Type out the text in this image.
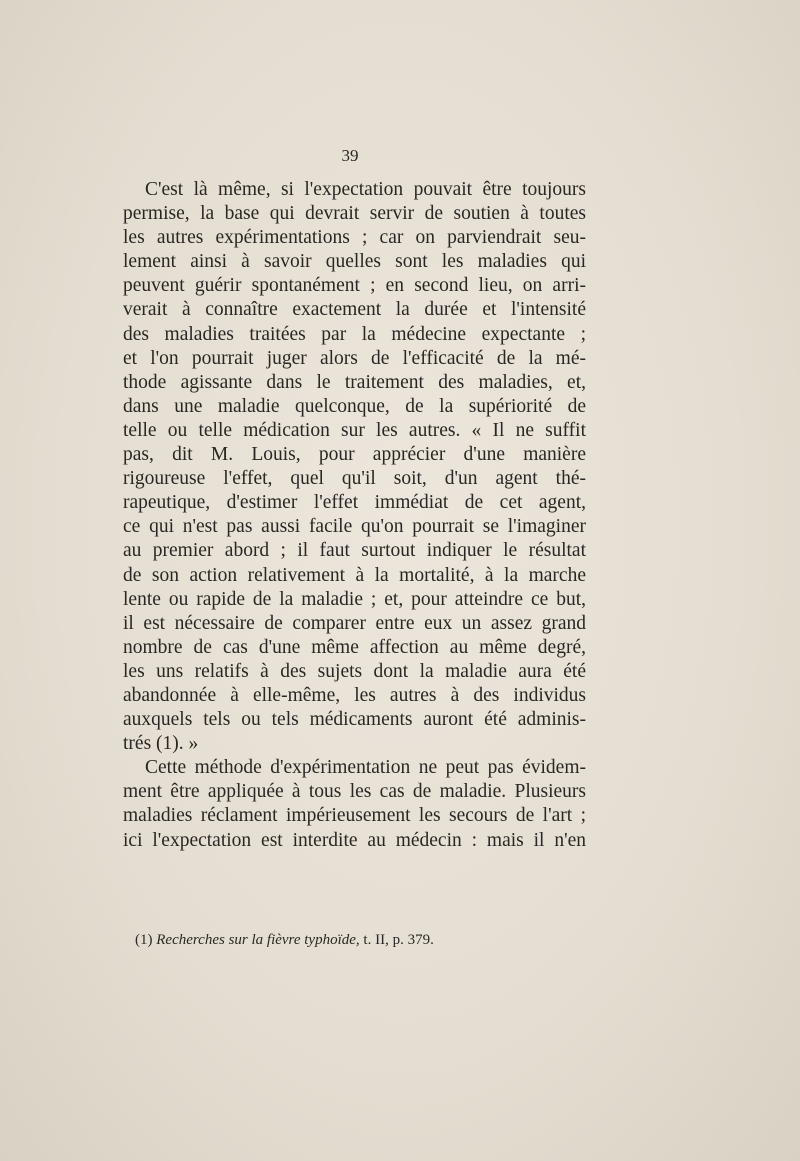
39
C'est là même, si l'expectation pouvait être toujours
permise, la base qui devrait servir de soutien à toutes
les autres expérimentations ; car on parviendrait seu-
lement ainsi à savoir quelles sont les maladies qui
peuvent guérir spontanément ; en second lieu, on arri-
verait à connaître exactement la durée et l'intensité
des maladies traitées par la médecine expectante ;
et l'on pourrait juger alors de l'efficacité de la mé-
thode agissante dans le traitement des maladies, et,
dans une maladie quelconque, de la supériorité de
telle ou telle médication sur les autres. « Il ne suffit
pas, dit M. Louis, pour apprécier d'une manière
rigoureuse l'effet, quel qu'il soit, d'un agent thé-
rapeutique, d'estimer l'effet immédiat de cet agent,
ce qui n'est pas aussi facile qu'on pourrait se l'imaginer
au premier abord ; il faut surtout indiquer le résultat
de son action relativement à la mortalité, à la marche
lente ou rapide de la maladie ; et, pour atteindre ce but,
il est nécessaire de comparer entre eux un assez grand
nombre de cas d'une même affection au même degré,
les uns relatifs à des sujets dont la maladie aura été
abandonnée à elle-même, les autres à des individus
auxquels tels ou tels médicaments auront été adminis-
trés (1). »
Cette méthode d'expérimentation ne peut pas évidem-
ment être appliquée à tous les cas de maladie. Plusieurs
maladies réclament impérieusement les secours de l'art ;
ici l'expectation est interdite au médecin : mais il n'en
(1) Recherches sur la fièvre typhoïde, t. II, p. 379.
